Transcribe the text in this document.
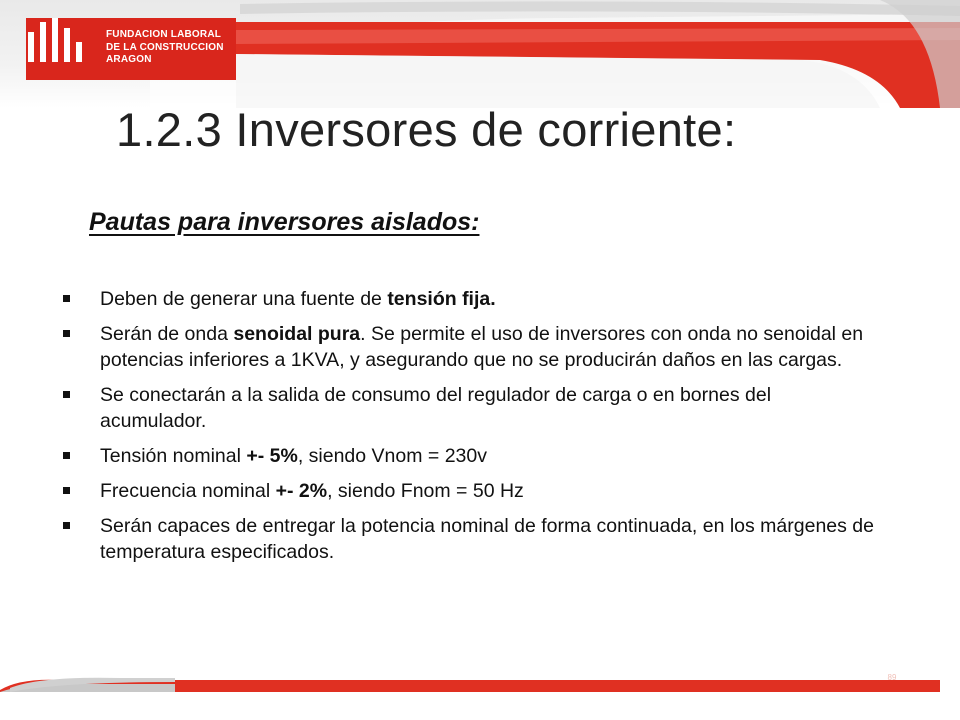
FUNDACION LABORAL
DE LA CONSTRUCCION
ARAGON
1.2.3 Inversores de corriente:
Pautas para inversores aislados:
Deben de generar una fuente de tensión fija.
Serán de onda senoidal pura. Se permite el uso de inversores con onda no senoidal en potencias inferiores a 1KVA, y asegurando que no se producirán daños en las cargas.
Se conectarán a la salida de consumo del regulador de carga o en bornes del acumulador.
Tensión nominal +- 5%, siendo Vnom = 230v
Frecuencia nominal +- 2%, siendo Fnom = 50 Hz
Serán capaces de entregar la potencia nominal de forma continuada, en los márgenes de temperatura especificados.
89
